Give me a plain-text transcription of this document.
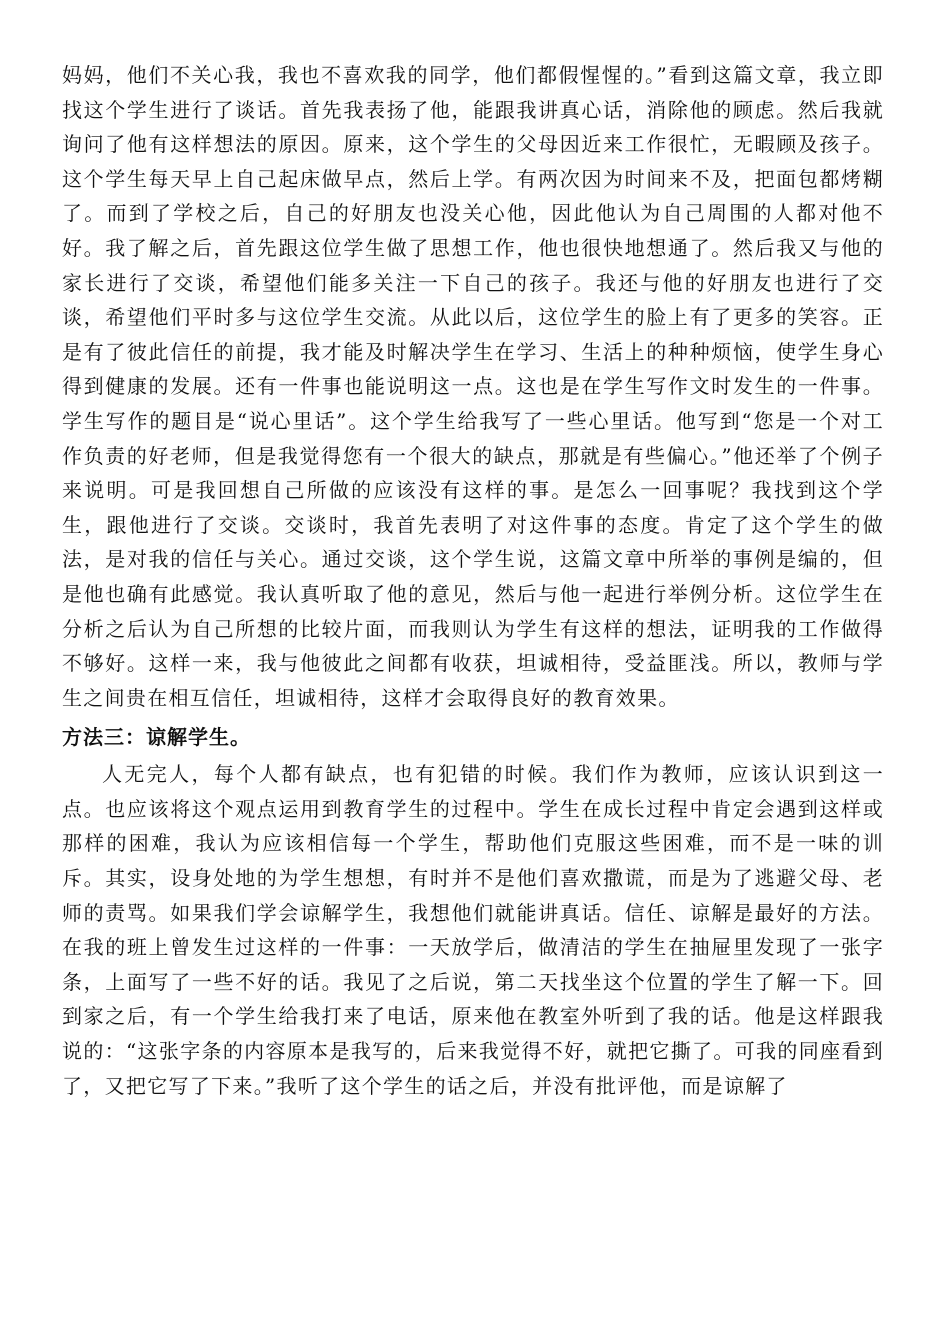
妈妈，他们不关心我，我也不喜欢我的同学，他们都假惺惺的。”看到这篇文章，我立即找这个学生进行了谈话。首先我表扬了他，能跟我讲真心话，消除他的顾虑。然后我就询问了他有这样想法的原因。原来，这个学生的父母因近来工作很忙，无暇顾及孩子。这个学生每天早上自己起床做早点，然后上学。有两次因为时间来不及，把面包都烤糊了。而到了学校之后，自己的好朋友也没关心他，因此他认为自己周围的人都对他不好。我了解之后，首先跟这位学生做了思想工作，他也很快地想通了。然后我又与他的家长进行了交谈，希望他们能多关注一下自己的孩子。我还与他的好朋友也进行了交谈，希望他们平时多与这位学生交流。从此以后，这位学生的脸上有了更多的笑容。正是有了彼此信任的前提，我才能及时解决学生在学习、生活上的种种烦恼，使学生身心得到健康的发展。还有一件事也能说明这一点。这也是在学生写作文时发生的一件事。学生写作的题目是“说心里话”。这个学生给我写了一些心里话。他写到“您是一个对工作负责的好老师，但是我觉得您有一个很大的缺点，那就是有些偏心。”他还举了个例子来说明。可是我回想自己所做的应该没有这样的事。是怎么一回事呢？我找到这个学生，跟他进行了交谈。交谈时，我首先表明了对这件事的态度。肯定了这个学生的做法，是对我的信任与关心。通过交谈，这个学生说，这篇文章中所举的事例是编的，但是他也确有此感觉。我认真听取了他的意见，然后与他一起进行举例分析。这位学生在分析之后认为自己所想的比较片面，而我则认为学生有这样的想法，证明我的工作做得不够好。这样一来，我与他彼此之间都有收获，坦诚相待，受益匪浅。所以，教师与学生之间贵在相互信任，坦诚相待，这样才会取得良好的教育效果。

方法三：谅解学生。

人无完人，每个人都有缺点，也有犯错的时候。我们作为教师，应该认识到这一点。也应该将这个观点运用到教育学生的过程中。学生在成长过程中肯定会遇到这样或那样的困难，我认为应该相信每一个学生，帮助他们克服这些困难，而不是一味的训斥。其实，设身处地的为学生想想，有时并不是他们喜欢撒谎，而是为了逃避父母、老师的责骂。如果我们学会谅解学生，我想他们就能讲真话。信任、谅解是最好的方法。在我的班上曾发生过这样的一件事：一天放学后，做清洁的学生在抽屉里发现了一张字条，上面写了一些不好的话。我见了之后说，第二天找坐这个位置的学生了解一下。回到家之后，有一个学生给我打来了电话，原来他在教室外听到了我的话。他是这样跟我说的：“这张字条的内容原本是我写的，后来我觉得不好，就把它撕了。可我的同座看到了，又把它写了下来。”我听了这个学生的话之后，并没有批评他，而是谅解了
